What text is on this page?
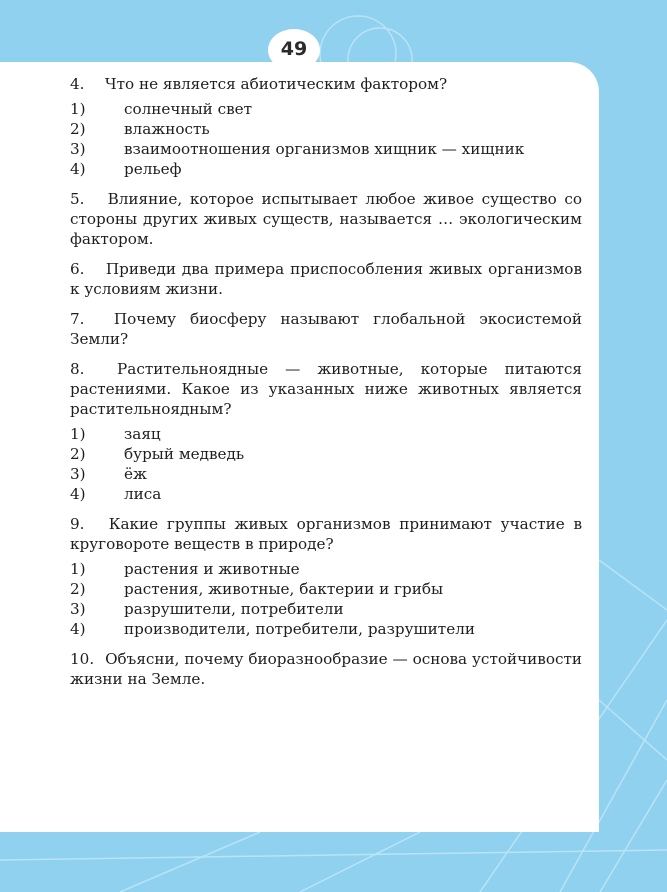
49

4. Что не является абиотическим фактором?

1)	солнечный свет
2)	влажность
3)	взаимоотношения организмов хищник — хищник
4)	рельеф

5. Влияние, которое испытывает любое живое существо со стороны других живых существ, называется … экологическим фактором.

6. Приведи два примера приспособления живых организмов к условиям жизни.

7. Почему биосферу называют глобальной экосистемой Земли?

8. Растительноядные — животные, которые питаются растениями. Какое из указанных ниже животных является растительноядным?

1)	заяц
2)	бурый медведь
3)	ёж
4)	лиса

9. Какие группы живых организмов принимают участие в круговороте веществ в природе?

1)	растения и животные
2)	растения, животные, бактерии и грибы
3)	разрушители, потребители
4)	производители, потребители, разрушители

10. Объясни, почему биоразнообразие — основа устойчивости жизни на Земле.
